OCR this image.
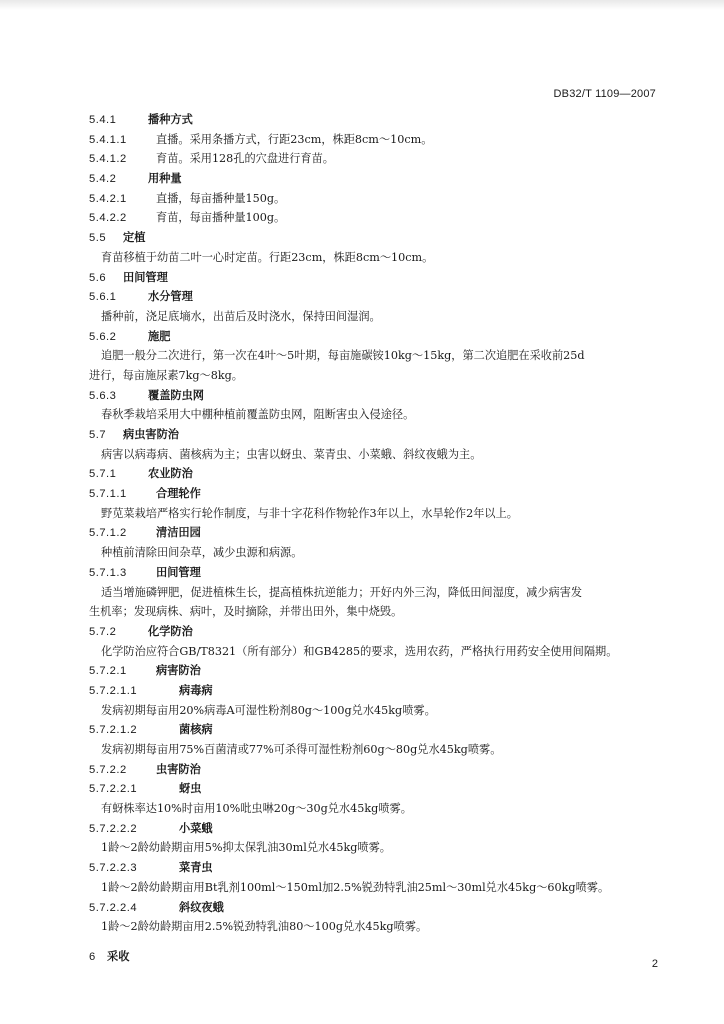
DB32/T 1109—2007
5.4.1	播种方式
5.4.1.1	直播。采用条播方式，行距23cm，株距8cm～10cm。
5.4.1.2	育苗。采用128孔的穴盘进行育苗。
5.4.2	用种量
5.4.2.1	直播，每亩播种量150g。
5.4.2.2	育苗，每亩播种量100g。
5.5 定植
育苗移植于幼苗二叶一心时定苗。行距23cm，株距8cm～10cm。
5.6 田间管理
5.6.1	水分管理
播种前，浇足底墒水，出苗后及时浇水，保持田间湿润。
5.6.2	施肥
追肥一般分二次进行，第一次在4叶～5叶期，每亩施碳铵10kg～15kg，第二次追肥在采收前25d
进行，每亩施尿素7kg～8kg。
5.6.3	覆盖防虫网
春秋季栽培采用大中棚种植前覆盖防虫网，阻断害虫入侵途径。
5.7 病虫害防治
病害以病毒病、菌核病为主；虫害以蚜虫、菜青虫、小菜蛾、斜纹夜蛾为主。
5.7.1	农业防治
5.7.1.1	合理轮作
野苋菜栽培严格实行轮作制度，与非十字花科作物轮作3年以上，水旱轮作2年以上。
5.7.1.2	清洁田园
种植前清除田间杂草，减少虫源和病源。
5.7.1.3	田间管理
适当增施磷钾肥，促进植株生长，提高植株抗逆能力；开好内外三沟，降低田间湿度，减少病害发
生机率；发现病株、病叶，及时摘除，并带出田外，集中烧毁。
5.7.2	化学防治
化学防治应符合GB/T8321（所有部分）和GB4285的要求，选用农药，严格执行用药安全使用间隔期。
5.7.2.1	病害防治
5.7.2.1.1	病毒病
发病初期每亩用20%病毒A可湿性粉剂80g～100g兑水45kg喷雾。
5.7.2.1.2	菌核病
发病初期每亩用75%百菌清或77%可杀得可湿性粉剂60g～80g兑水45kg喷雾。
5.7.2.2	虫害防治
5.7.2.2.1	蚜虫
有蚜株率达10%时亩用10%吡虫啉20g～30g兑水45kg喷雾。
5.7.2.2.2	小菜蛾
1龄～2龄幼龄期亩用5%抑太保乳油30ml兑水45kg喷雾。
5.7.2.2.3	菜青虫
1龄～2龄幼龄期亩用Bt乳剂100ml～150ml加2.5%锐劲特乳油25ml～30ml兑水45kg～60kg喷雾。
5.7.2.2.4	斜纹夜蛾
1龄～2龄幼龄期亩用2.5%锐劲特乳油80～100g兑水45kg喷雾。
6 采收
2
